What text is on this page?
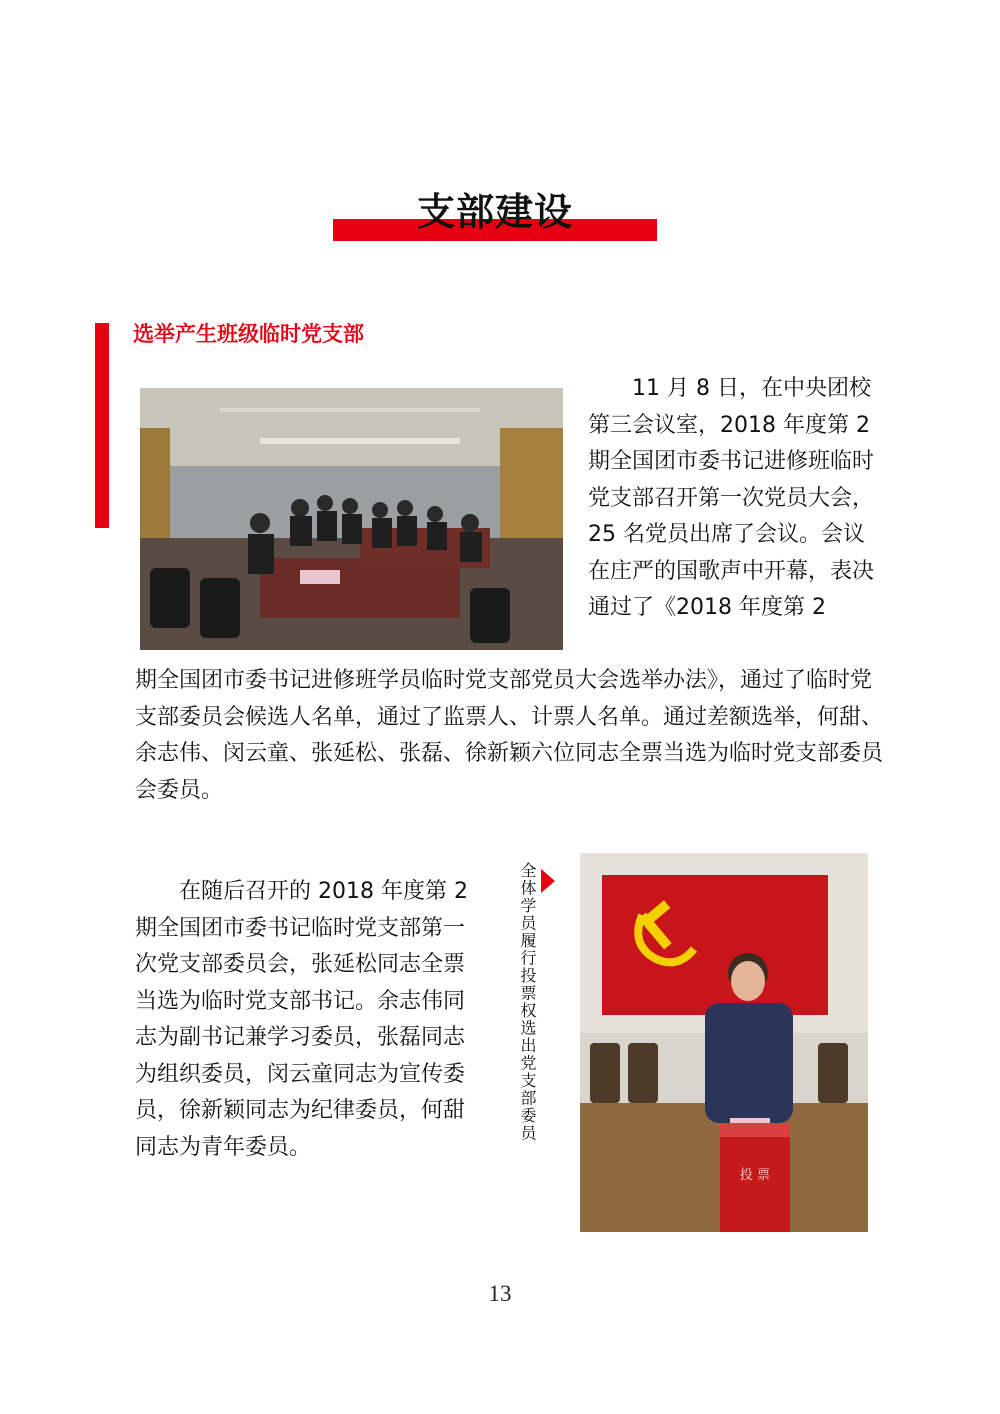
支部建设
选举产生班级临时党支部

11 月 8 日，在中央团校第三会议室，2018 年度第 2 期全国团市委书记进修班临时党支部召开第一次党员大会，25 名党员出席了会议。会议在庄严的国歌声中开幕，表决通过了《2018 年度第 2

期全国团市委书记进修班学员临时党支部党员大会选举办法》，通过了临时党支部委员会候选人名单，通过了监票人、计票人名单。通过差额选举，何甜、余志伟、闵云童、张延松、张磊、徐新颖六位同志全票当选为临时党支部委员会委员。

在随后召开的 2018 年度第 2 期全国团市委书记临时党支部第一次党支部委员会，张延松同志全票当选为临时党支部书记。余志伟同志为副书记兼学习委员，张磊同志为组织委员，闵云童同志为宣传委员，徐新颖同志为纪律委员，何甜同志为青年委员。

全体学员履行投票权选出党支部委员
投 票
13
